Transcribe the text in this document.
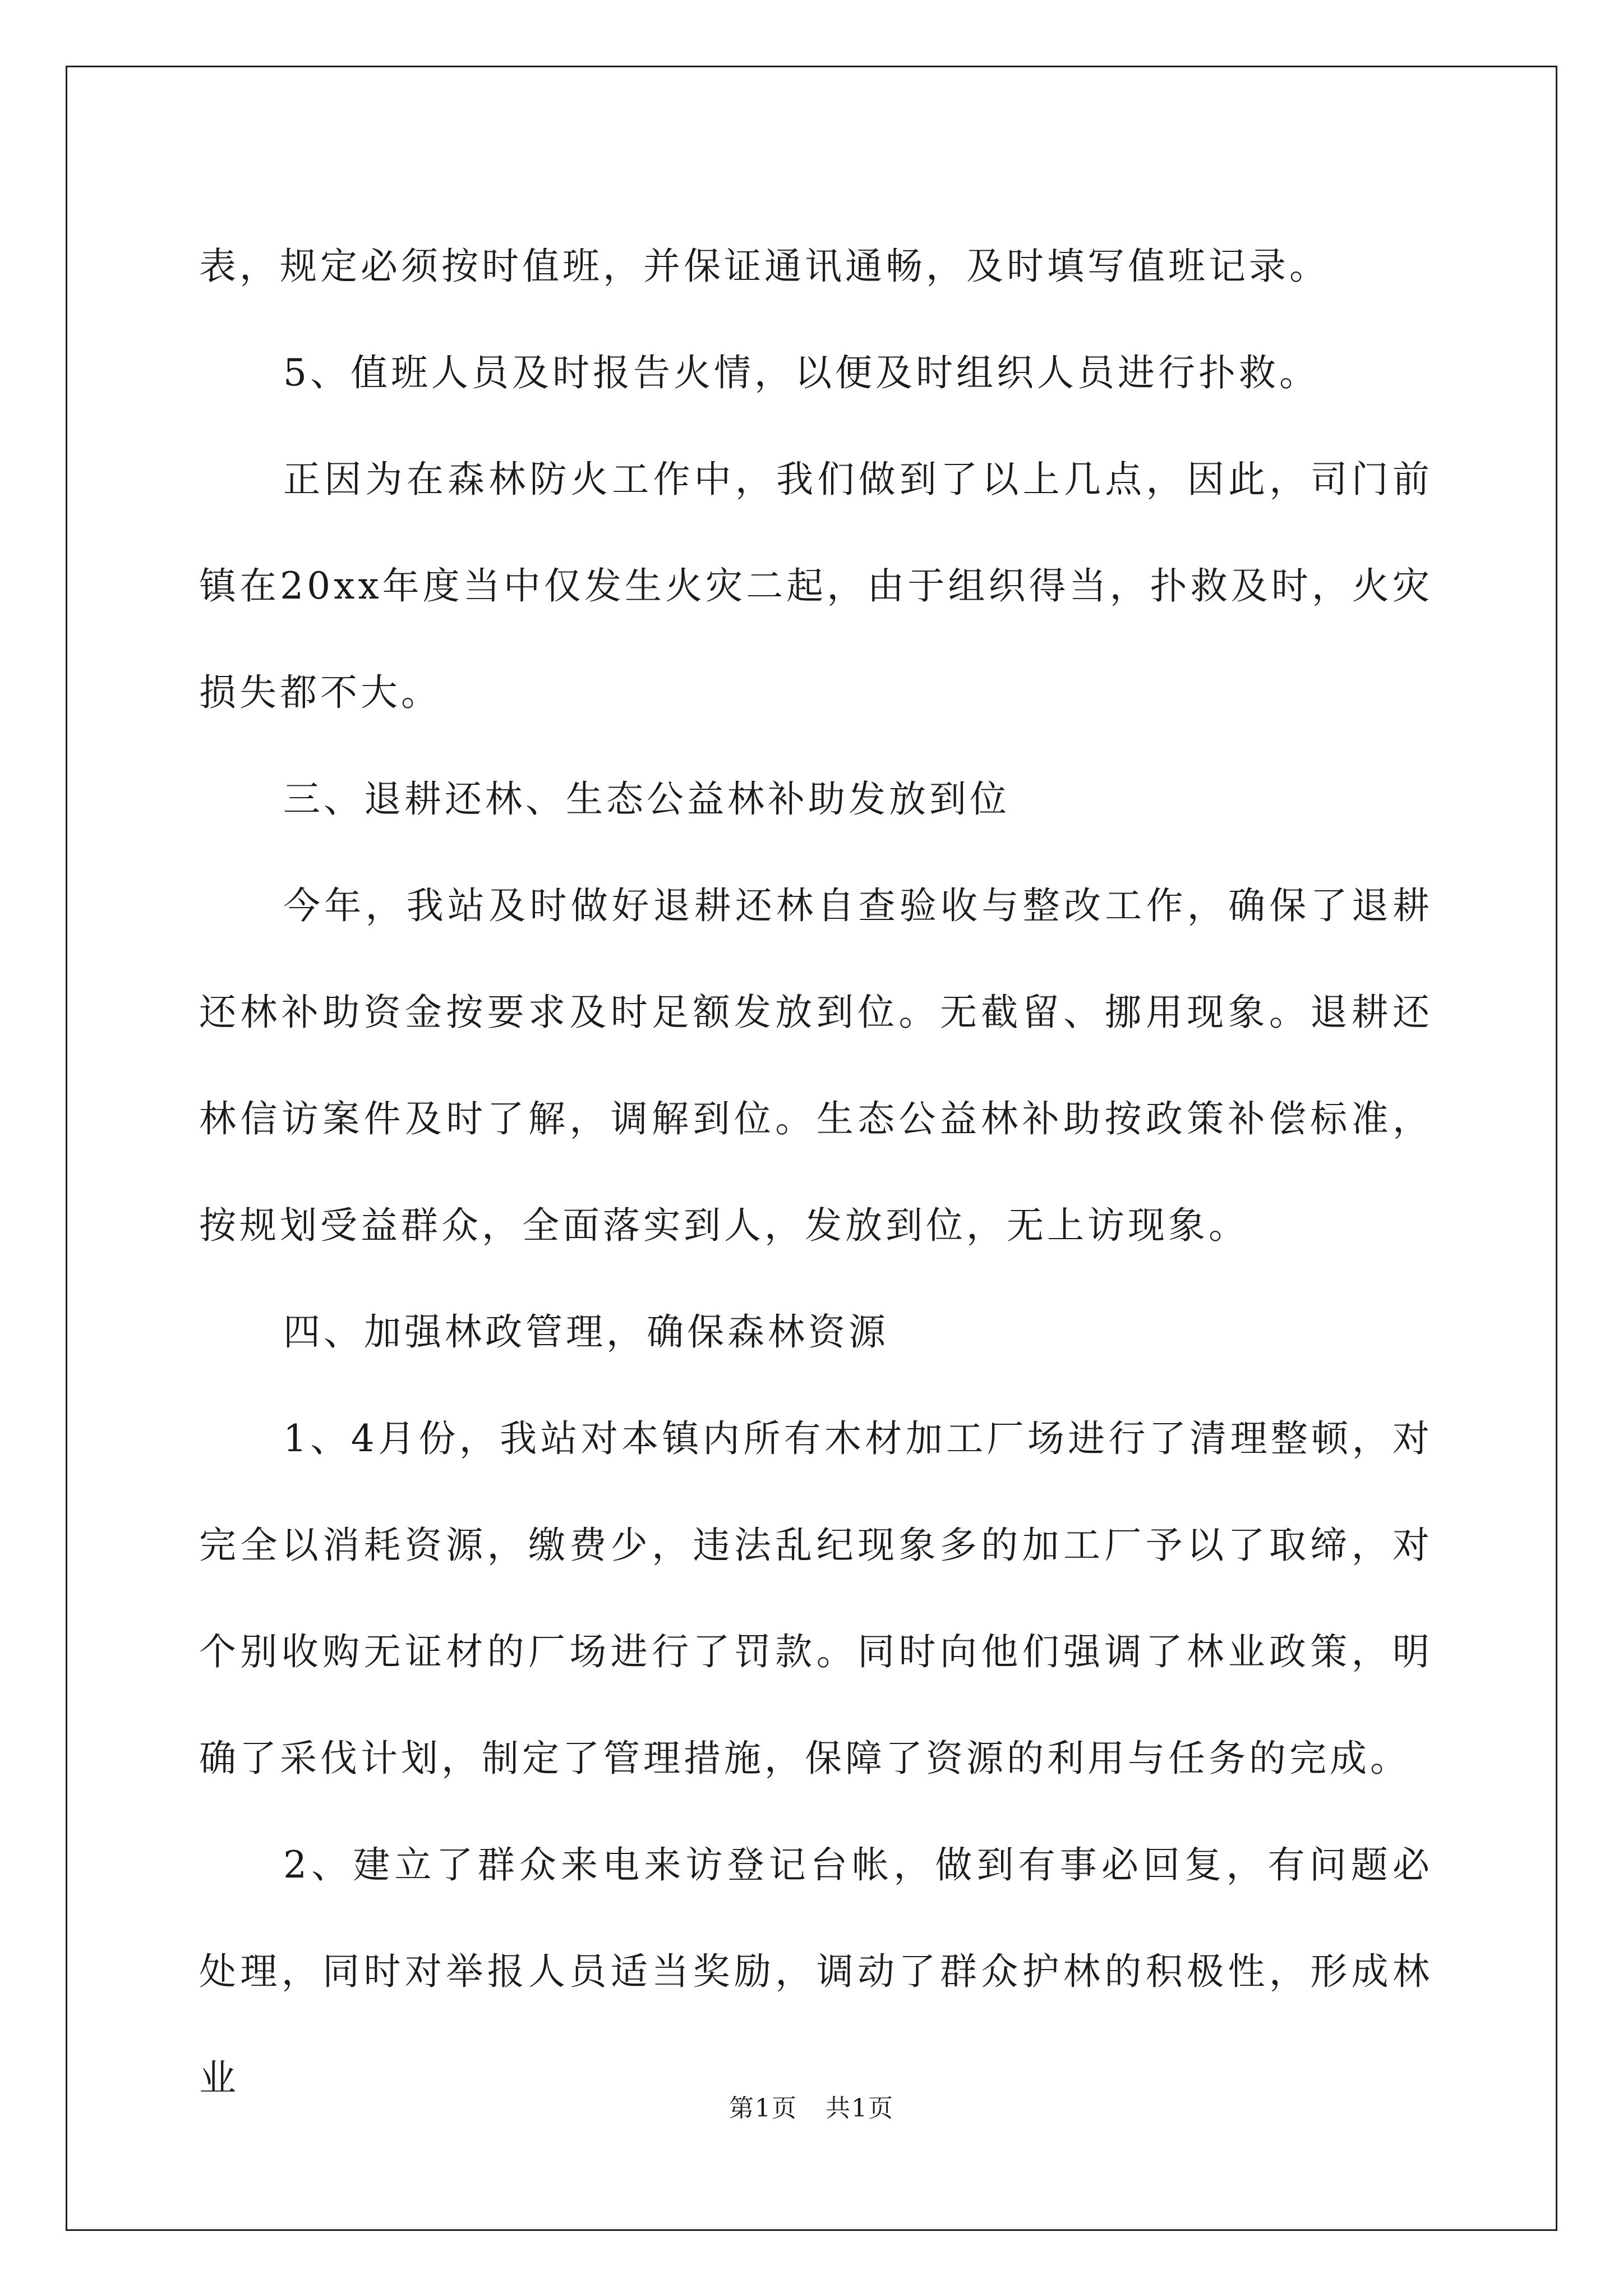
表，规定必须按时值班，并保证通讯通畅，及时填写值班记录。

5、值班人员及时报告火情，以便及时组织人员进行扑救。

正因为在森林防火工作中，我们做到了以上几点，因此，司门前镇在20xx年度当中仅发生火灾二起，由于组织得当，扑救及时，火灾损失都不大。

三、退耕还林、生态公益林补助发放到位

今年，我站及时做好退耕还林自查验收与整改工作，确保了退耕还林补助资金按要求及时足额发放到位。无截留、挪用现象。退耕还林信访案件及时了解，调解到位。生态公益林补助按政策补偿标准，按规划受益群众，全面落实到人，发放到位，无上访现象。

四、加强林政管理，确保森林资源

1、4月份，我站对本镇内所有木材加工厂场进行了清理整顿，对完全以消耗资源，缴费少，违法乱纪现象多的加工厂予以了取缔，对个别收购无证材的厂场进行了罚款。同时向他们强调了林业政策，明确了采伐计划，制定了管理措施，保障了资源的利用与任务的完成。

2、建立了群众来电来访登记台帐，做到有事必回复，有问题必处理，同时对举报人员适当奖励，调动了群众护林的积极性，形成林业

第1页 共1页
